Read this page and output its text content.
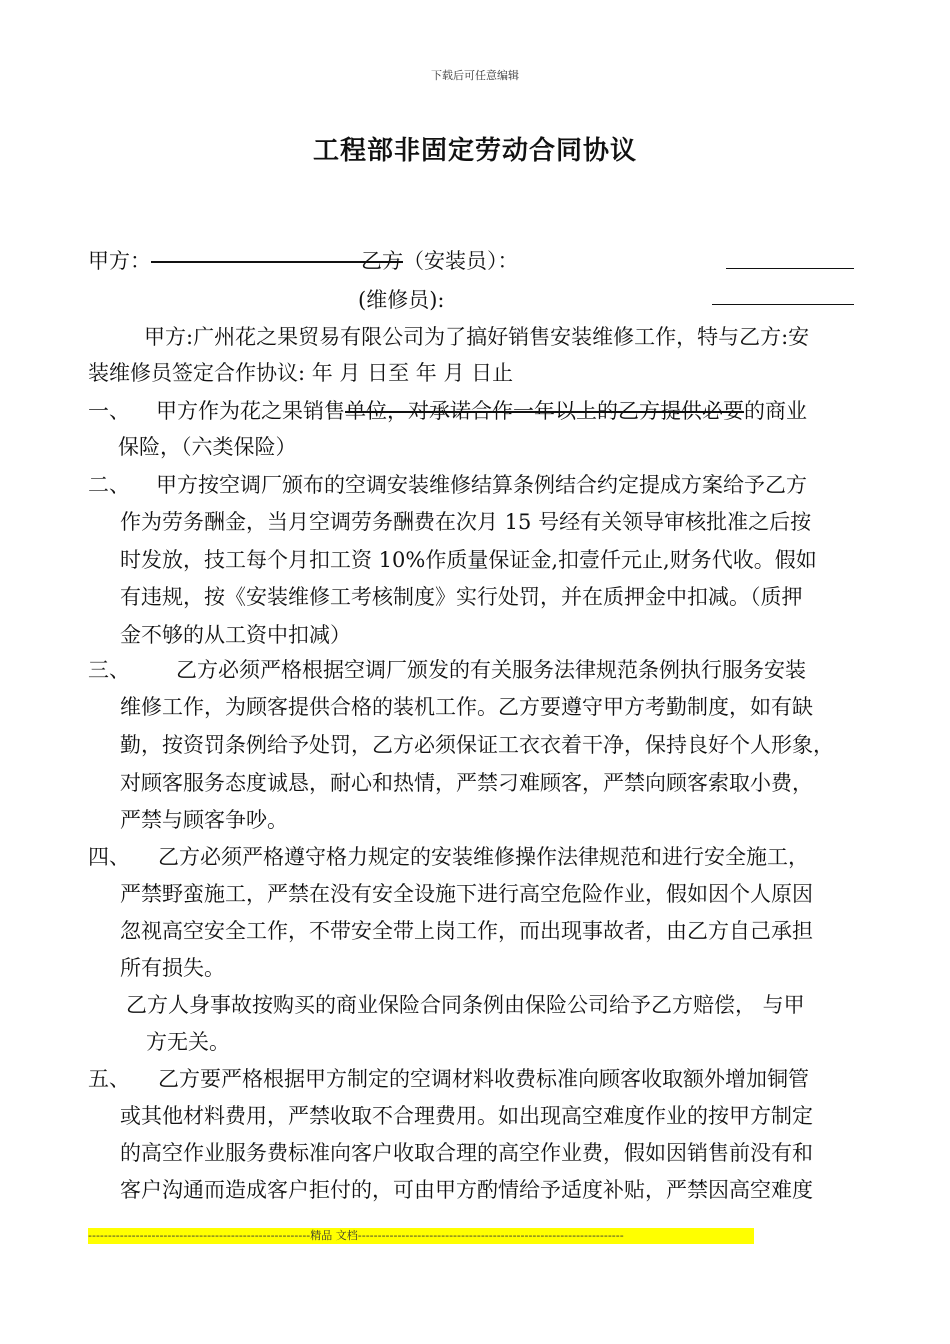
下载后可任意编辑
工程部非固定劳动合同协议
甲方：          	乙方（安装员）：
(维修员):
甲方:广州花之果贸易有限公司为了搞好销售安装维修工作，特与乙方:安
装维修员签定合作协议: 年 月 日至 年 月 日止
一、 甲方作为花之果销售单位，对承诺合作一年以上的乙方提供必要的商业
保险，（六类保险）
二、 甲方按空调厂颁布的空调安装维修结算条例结合约定提成方案给予乙方
作为劳务酬金，当月空调劳务酬费在次月 15 号经有关领导审核批准之后按
时发放，技工每个月扣工资 10%作质量保证金,扣壹仟元止,财务代收。假如
有违规，按《安装维修工考核制度》实行处罚，并在质押金中扣减。（质押
金不够的从工资中扣减）
三、 乙方必须严格根据空调厂颁发的有关服务法律规范条例执行服务安装
维修工作，为顾客提供合格的装机工作。乙方要遵守甲方考勤制度，如有缺
勤，按资罚条例给予处罚，乙方必须保证工衣衣着干净，保持良好个人形象，
对顾客服务态度诚恳，耐心和热情，严禁刁难顾客，严禁向顾客索取小费，
严禁与顾客争吵。
四、 乙方必须严格遵守格力规定的安装维修操作法律规范和进行安全施工，
严禁野蛮施工，严禁在没有安全设施下进行高空危险作业，假如因个人原因
忽视高空安全工作，不带安全带上岗工作，而出现事故者，由乙方自己承担
所有损失。
乙方人身事故按购买的商业保险合同条例由保险公司给予乙方赔偿， 与甲
方无关。
五、 乙方要严格根据甲方制定的空调材料收费标准向顾客收取额外增加铜管
或其他材料费用，严禁收取不合理费用。如出现高空难度作业的按甲方制定
的高空作业服务费标准向客户收取合理的高空作业费，假如因销售前没有和
客户沟通而造成客户拒付的，可由甲方酌情给予适度补贴，严禁因高空难度
--------------------------------------------------------精品 文档-------------------------------------------------------------------
